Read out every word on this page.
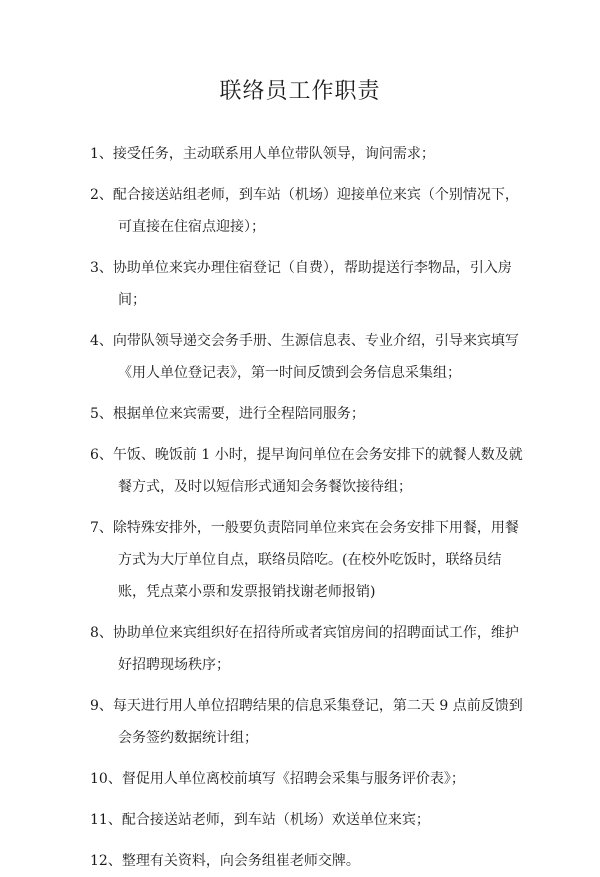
联络员工作职责
1、接受任务，主动联系用人单位带队领导，询问需求；
2、配合接送站组老师，到车站（机场）迎接单位来宾（个别情况下，可直接在住宿点迎接）；
3、协助单位来宾办理住宿登记（自费），帮助提送行李物品，引入房间；
4、向带队领导递交会务手册、生源信息表、专业介绍，引导来宾填写《用人单位登记表》，第一时间反馈到会务信息采集组；
5、根据单位来宾需要，进行全程陪同服务；
6、午饭、晚饭前 1 小时，提早询问单位在会务安排下的就餐人数及就餐方式，及时以短信形式通知会务餐饮接待组；
7、除特殊安排外，一般要负责陪同单位来宾在会务安排下用餐，用餐方式为大厅单位自点，联络员陪吃。(在校外吃饭时，联络员结账，凭点菜小票和发票报销找谢老师报销)
8、协助单位来宾组织好在招待所或者宾馆房间的招聘面试工作，维护好招聘现场秩序；
9、每天进行用人单位招聘结果的信息采集登记，第二天 9 点前反馈到会务签约数据统计组；
10、督促用人单位离校前填写《招聘会采集与服务评价表》；
11、配合接送站老师，到车站（机场）欢送单位来宾；
12、整理有关资料，向会务组崔老师交牌。
